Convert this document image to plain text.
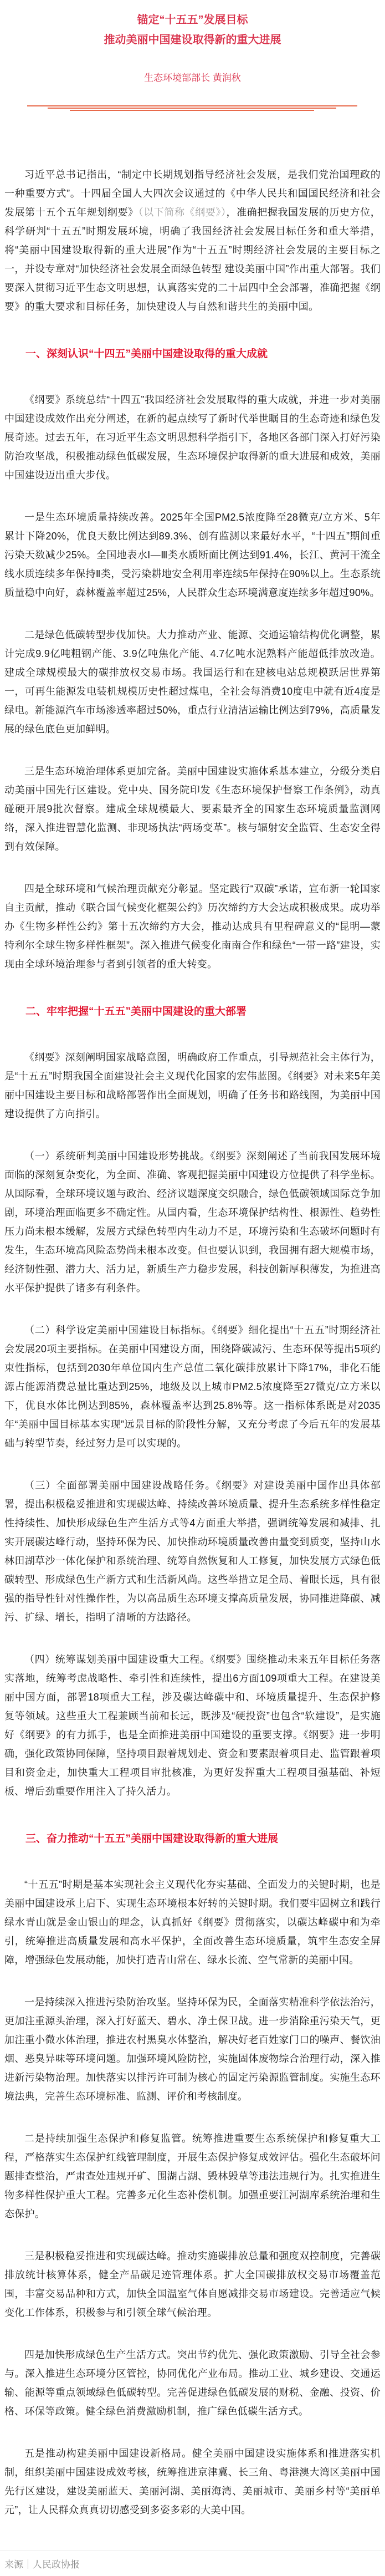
锚定“十五五”发展目标
推动美丽中国建设取得新的重大进展
生态环境部部长 黄润秋

习近平总书记指出，“制定中长期规划指导经济社会发展，是我们党治国理政的一种重要方式”。十四届全国人大四次会议通过的《中华人民共和国国民经济和社会发展第十五个五年规划纲要》（以下简称《纲要》），准确把握我国发展的历史方位，科学研判“十五五”时期发展环境，明确了我国经济社会发展目标任务和重大举措，将“美丽中国建设取得新的重大进展”作为“十五五”时期经济社会发展的主要目标之一，并设专章对“加快经济社会发展全面绿色转型 建设美丽中国”作出重大部署。我们要深入贯彻习近平生态文明思想，认真落实党的二十届四中全会部署，准确把握《纲要》的重大要求和目标任务，加快建设人与自然和谐共生的美丽中国。

一、深刻认识“十四五”美丽中国建设取得的重大成就

《纲要》系统总结“十四五”我国经济社会发展取得的重大成就，并进一步对美丽中国建设成效作出充分阐述，在新的起点续写了新时代举世瞩目的生态奇迹和绿色发展奇迹。过去五年，在习近平生态文明思想科学指引下，各地区各部门深入打好污染防治攻坚战，积极推动绿色低碳发展，生态环境保护取得新的重大进展和成效，美丽中国建设迈出重大步伐。

一是生态环境质量持续改善。2025年全国PM2.5浓度降至28微克/立方米、5年累计下降20%，优良天数比例达到89.3%、创有监测以来最好水平，“十四五”期间重污染天数减少25%。全国地表水Ⅰ—Ⅲ类水质断面比例达到91.4%，长江、黄河干流全线水质连续多年保持Ⅱ类，受污染耕地安全利用率连续5年保持在90%以上。生态系统质量稳中向好，森林覆盖率超过25%，人民群众生态环境满意度连续多年超过90%。

二是绿色低碳转型步伐加快。大力推动产业、能源、交通运输结构优化调整，累计完成9.9亿吨粗钢产能、3.9亿吨焦化产能、4.7亿吨水泥熟料产能超低排放改造。建成全球规模最大的碳排放权交易市场。我国运行和在建核电站总规模跃居世界第一，可再生能源发电装机规模历史性超过煤电，全社会每消费10度电中就有近4度是绿电。新能源汽车市场渗透率超过50%，重点行业清洁运输比例达到79%，高质量发展的绿色底色更加鲜明。

三是生态环境治理体系更加完备。美丽中国建设实施体系基本建立，分级分类启动美丽中国先行区建设。党中央、国务院印发《生态环境保护督察工作条例》，动真碰硬开展9批次督察。建成全球规模最大、要素最齐全的国家生态环境质量监测网络，深入推进智慧化监测、非现场执法“两场变革”。核与辐射安全监管、生态安全得到有效保障。

四是全球环境和气候治理贡献充分彰显。坚定践行“双碳”承诺，宣布新一轮国家自主贡献，推动《联合国气候变化框架公约》历次缔约方大会达成积极成果。成功举办《生物多样性公约》第十五次缔约方大会，推动达成具有里程碑意义的“昆明—蒙特利尔全球生物多样性框架”。深入推进气候变化南南合作和绿色“一带一路”建设，实现由全球环境治理参与者到引领者的重大转变。

二、牢牢把握“十五五”美丽中国建设的重大部署

《纲要》深刻阐明国家战略意图，明确政府工作重点，引导规范社会主体行为，是“十五五”时期我国全面建设社会主义现代化国家的宏伟蓝图。《纲要》对未来5年美丽中国建设主要目标和战略部署作出全面规划，明确了任务书和路线图，为美丽中国建设提供了方向指引。

（一）系统研判美丽中国建设形势挑战。《纲要》深刻阐述了当前我国发展环境面临的深刻复杂变化，为全面、准确、客观把握美丽中国建设方位提供了科学坐标。从国际看，全球环境议题与政治、经济议题深度交织融合，绿色低碳领域国际竞争加剧，环境治理面临更多不确定性。从国内看，生态环境保护结构性、根源性、趋势性压力尚未根本缓解，发展方式绿色转型内生动力不足，环境污染和生态破坏问题时有发生，生态环境高风险态势尚未根本改变。但也要认识到，我国拥有超大规模市场，经济韧性强、潜力大、活力足，新质生产力稳步发展，科技创新厚积薄发，为推进高水平保护提供了诸多有利条件。

（二）科学设定美丽中国建设目标指标。《纲要》细化提出“十五五”时期经济社会发展20项主要指标。在美丽中国建设方面，围绕降碳减污、生态环保等提出5项约束性指标，包括到2030年单位国内生产总值二氧化碳排放累计下降17%，非化石能源占能源消费总量比重达到25%，地级及以上城市PM2.5浓度降至27微克/立方米以下，优良水体比例达到85%，森林覆盖率达到25.8%等。这一指标体系既是对2035年“美丽中国目标基本实现”远景目标的阶段性分解，又充分考虑了今后五年的发展基础与转型节奏，经过努力是可以实现的。

（三）全面部署美丽中国建设战略任务。《纲要》对建设美丽中国作出具体部署，提出积极稳妥推进和实现碳达峰、持续改善环境质量、提升生态系统多样性稳定性持续性、加快形成绿色生产生活方式等4方面重大举措，强调统筹发展和减排、扎实开展碳达峰行动，坚持环保为民、加快推动环境质量改善由量变到质变，坚持山水林田湖草沙一体化保护和系统治理、统筹自然恢复和人工修复，加快发展方式绿色低碳转型、形成绿色生产新方式和生活新风尚。这些举措立足全局、着眼长远，具有很强的指导性针对性操作性，为以高品质生态环境支撑高质量发展，协同推进降碳、减污、扩绿、增长，指明了清晰的方法路径。

（四）统筹谋划美丽中国建设重大工程。《纲要》围绕推动未来五年目标任务落实落地，统筹考虑战略性、牵引性和连续性，提出6方面109项重大工程。在建设美丽中国方面，部署18项重大工程，涉及碳达峰碳中和、环境质量提升、生态保护修复等领域。这些重大工程兼顾当前和长远，既涉及“硬投资”也包含“软建设”，是实施好《纲要》的有力抓手，也是全面推进美丽中国建设的重要支撑。《纲要》进一步明确，强化政策协同保障，坚持项目跟着规划走、资金和要素跟着项目走、监管跟着项目和资金走，加快重大工程项目审批核准，为更好发挥重大工程项目强基础、补短板、增后劲重要作用注入了持久活力。

三、奋力推动“十五五”美丽中国建设取得新的重大进展

“十五五”时期是基本实现社会主义现代化夯实基础、全面发力的关键时期，也是美丽中国建设承上启下、实现生态环境根本好转的关键时期。我们要牢固树立和践行绿水青山就是金山银山的理念，认真抓好《纲要》贯彻落实，以碳达峰碳中和为牵引，统筹推进高质量发展和高水平保护，全面改善生态环境质量，筑牢生态安全屏障，增强绿色发展动能，加快打造青山常在、绿水长流、空气常新的美丽中国。

一是持续深入推进污染防治攻坚。坚持环保为民，全面落实精准科学依法治污，更加注重源头治理，深入打好蓝天、碧水、净土保卫战。进一步消除重污染天气，更加注重小微水体治理，推进农村黑臭水体整治，解决好老百姓家门口的噪声、餐饮油烟、恶臭异味等环境问题。加强环境风险防控，实施固体废物综合治理行动，深入推进新污染物治理。加快落实以排污许可制为核心的固定污染源监管制度。实施生态环境法典，完善生态环境标准、监测、评价和考核制度。

二是持续加强生态保护和修复监管。统筹推进重要生态系统保护和修复重大工程，严格落实生态保护红线管理制度，开展生态保护修复成效评估。强化生态破坏问题排查整治，严肃查处违规开矿、围湖占湖、毁林毁草等违法违规行为。扎实推进生物多样性保护重大工程。完善多元化生态补偿机制。加强重要江河湖库系统治理和生态保护。

三是积极稳妥推进和实现碳达峰。推动实施碳排放总量和强度双控制度，完善碳排放统计核算体系，健全产品碳足迹管理体系。扩大全国碳排放权交易市场覆盖范围，丰富交易品种和方式，加快全国温室气体自愿减排交易市场建设。完善适应气候变化工作体系，积极参与和引领全球气候治理。

四是加快形成绿色生产生活方式。突出节约优先、强化政策激励、引导全社会参与。深入推进生态环境分区管控，协同优化产业布局。推动工业、城乡建设、交通运输、能源等重点领域绿色低碳转型。完善促进绿色低碳发展的财税、金融、投资、价格、环保等政策。健全绿色消费激励机制，推广绿色低碳生活方式。

五是推动构建美丽中国建设新格局。健全美丽中国建设实施体系和推进落实机制，组织美丽中国建设成效考核，统筹推进京津冀、长三角、粤港澳大湾区美丽中国先行区建设，建设美丽蓝天、美丽河湖、美丽海湾、美丽城市、美丽乡村等“美丽单元”，让人民群众真真切切感受到多姿多彩的大美中国。

来源｜人民政协报
